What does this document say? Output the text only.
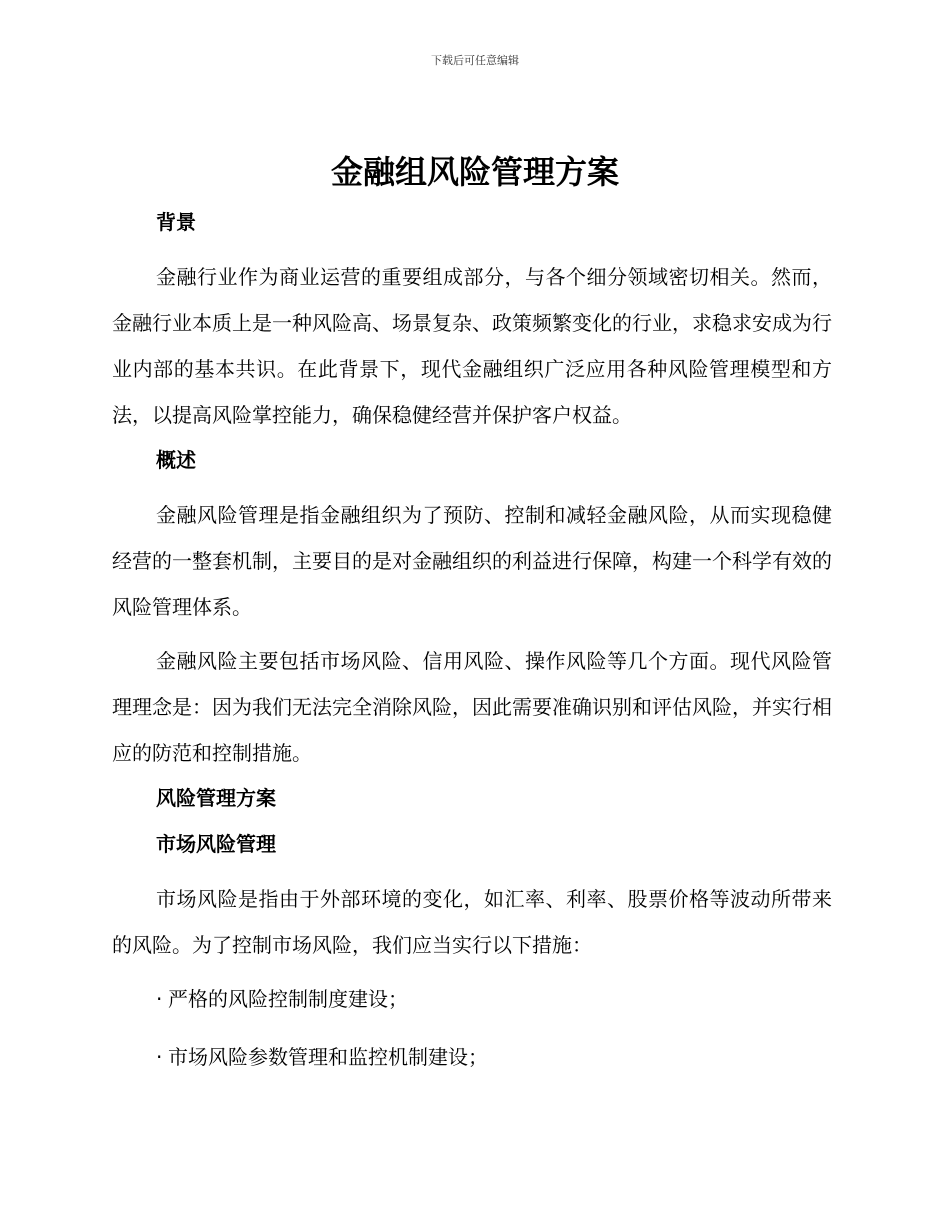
下载后可任意编辑
金融组风险管理方案
背景

金融行业作为商业运营的重要组成部分，与各个细分领域密切相关。然而，金融行业本质上是一种风险高、场景复杂、政策频繁变化的行业，求稳求安成为行业内部的基本共识。在此背景下，现代金融组织广泛应用各种风险管理模型和方法，以提高风险掌控能力，确保稳健经营并保护客户权益。

概述

金融风险管理是指金融组织为了预防、控制和减轻金融风险，从而实现稳健经营的一整套机制，主要目的是对金融组织的利益进行保障，构建一个科学有效的风险管理体系。

金融风险主要包括市场风险、信用风险、操作风险等几个方面。现代风险管理理念是：因为我们无法完全消除风险，因此需要准确识别和评估风险，并实行相应的防范和控制措施。

风险管理方案
市场风险管理

市场风险是指由于外部环境的变化，如汇率、利率、股票价格等波动所带来的风险。为了控制市场风险，我们应当实行以下措施：

· 严格的风险控制制度建设；
· 市场风险参数管理和监控机制建设；
